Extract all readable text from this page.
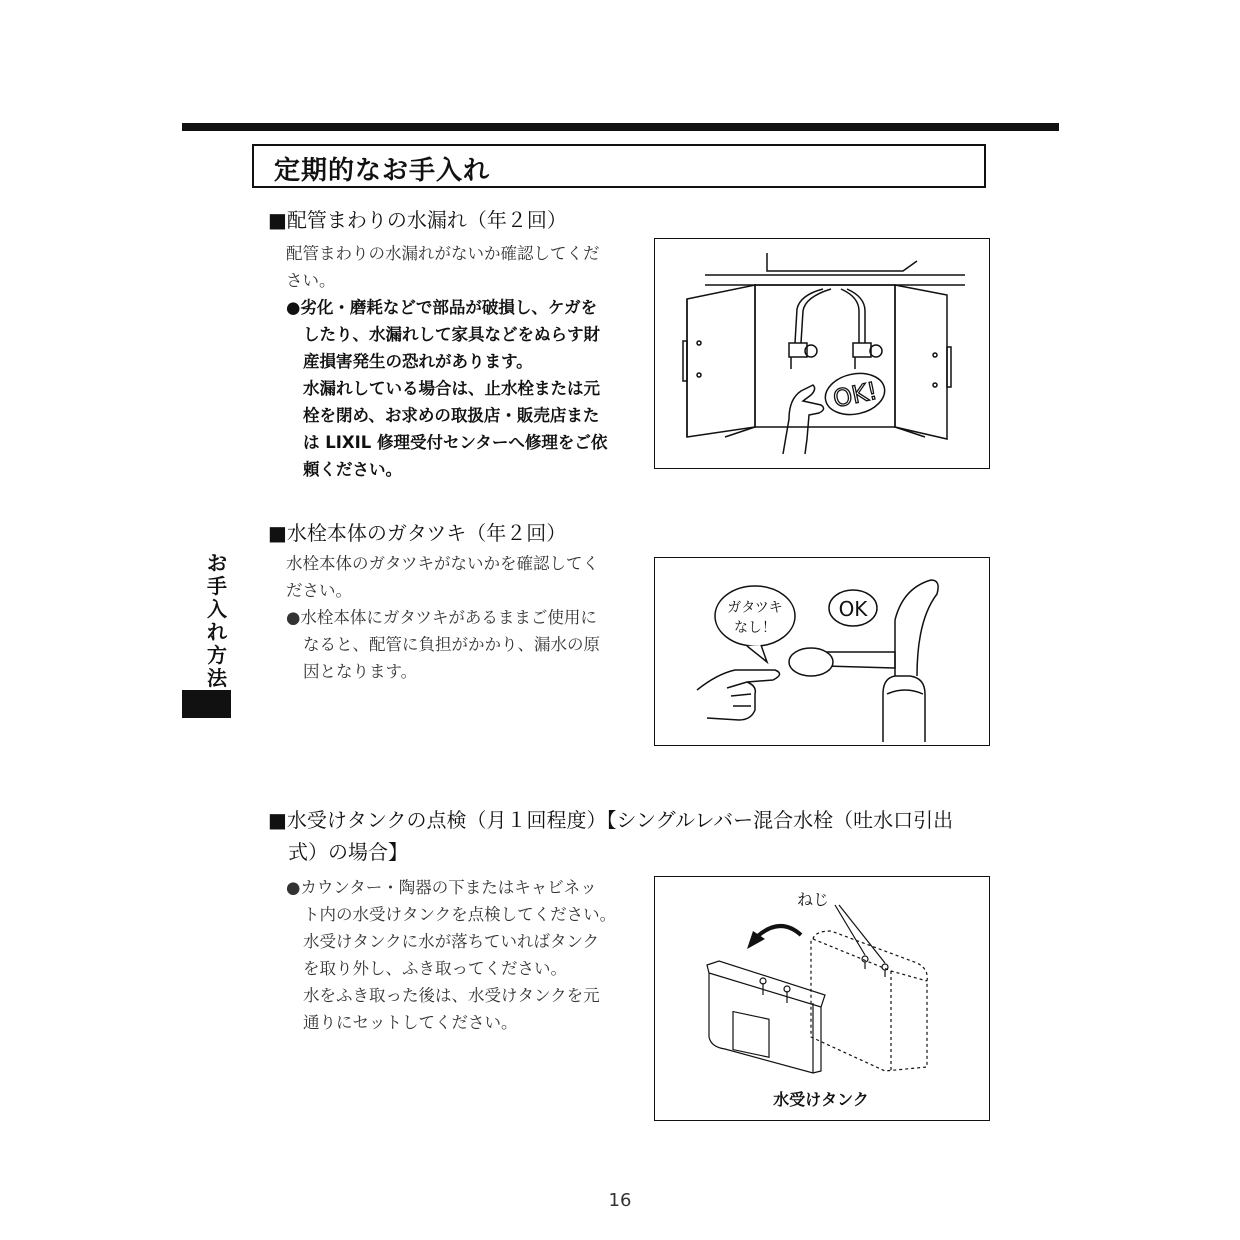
定期的なお手入れ
■配管まわりの水漏れ（年２回）
配管まわりの水漏れがないか確認してくだ
さい。
●劣化・磨耗などで部品が破損し、ケガを
したり、水漏れして家具などをぬらす財
産損害発生の恐れがあります。
水漏れしている場合は、止水栓または元
栓を閉め、お求めの取扱店・販売店また
は LIXIL 修理受付センターへ修理をご依
頼ください。
OK!
■水栓本体のガタツキ（年２回）
水栓本体のガタツキがないかを確認してく
ださい。
●水栓本体にガタツキがあるままご使用に
なると、配管に負担がかかり、漏水の原
因となります。
ガタツキ
なし！
OK
■水受けタンクの点検（月１回程度）【シングルレバー混合水栓（吐水口引出
式）の場合】
●カウンター・陶器の下またはキャビネッ
ト内の水受けタンクを点検してください。
水受けタンクに水が落ちていればタンク
を取り外し、ふき取ってください。
水をふき取った後は、水受けタンクを元
通りにセットしてください。
ねじ
水受けタンク
お
手
入
れ
方
法
16
